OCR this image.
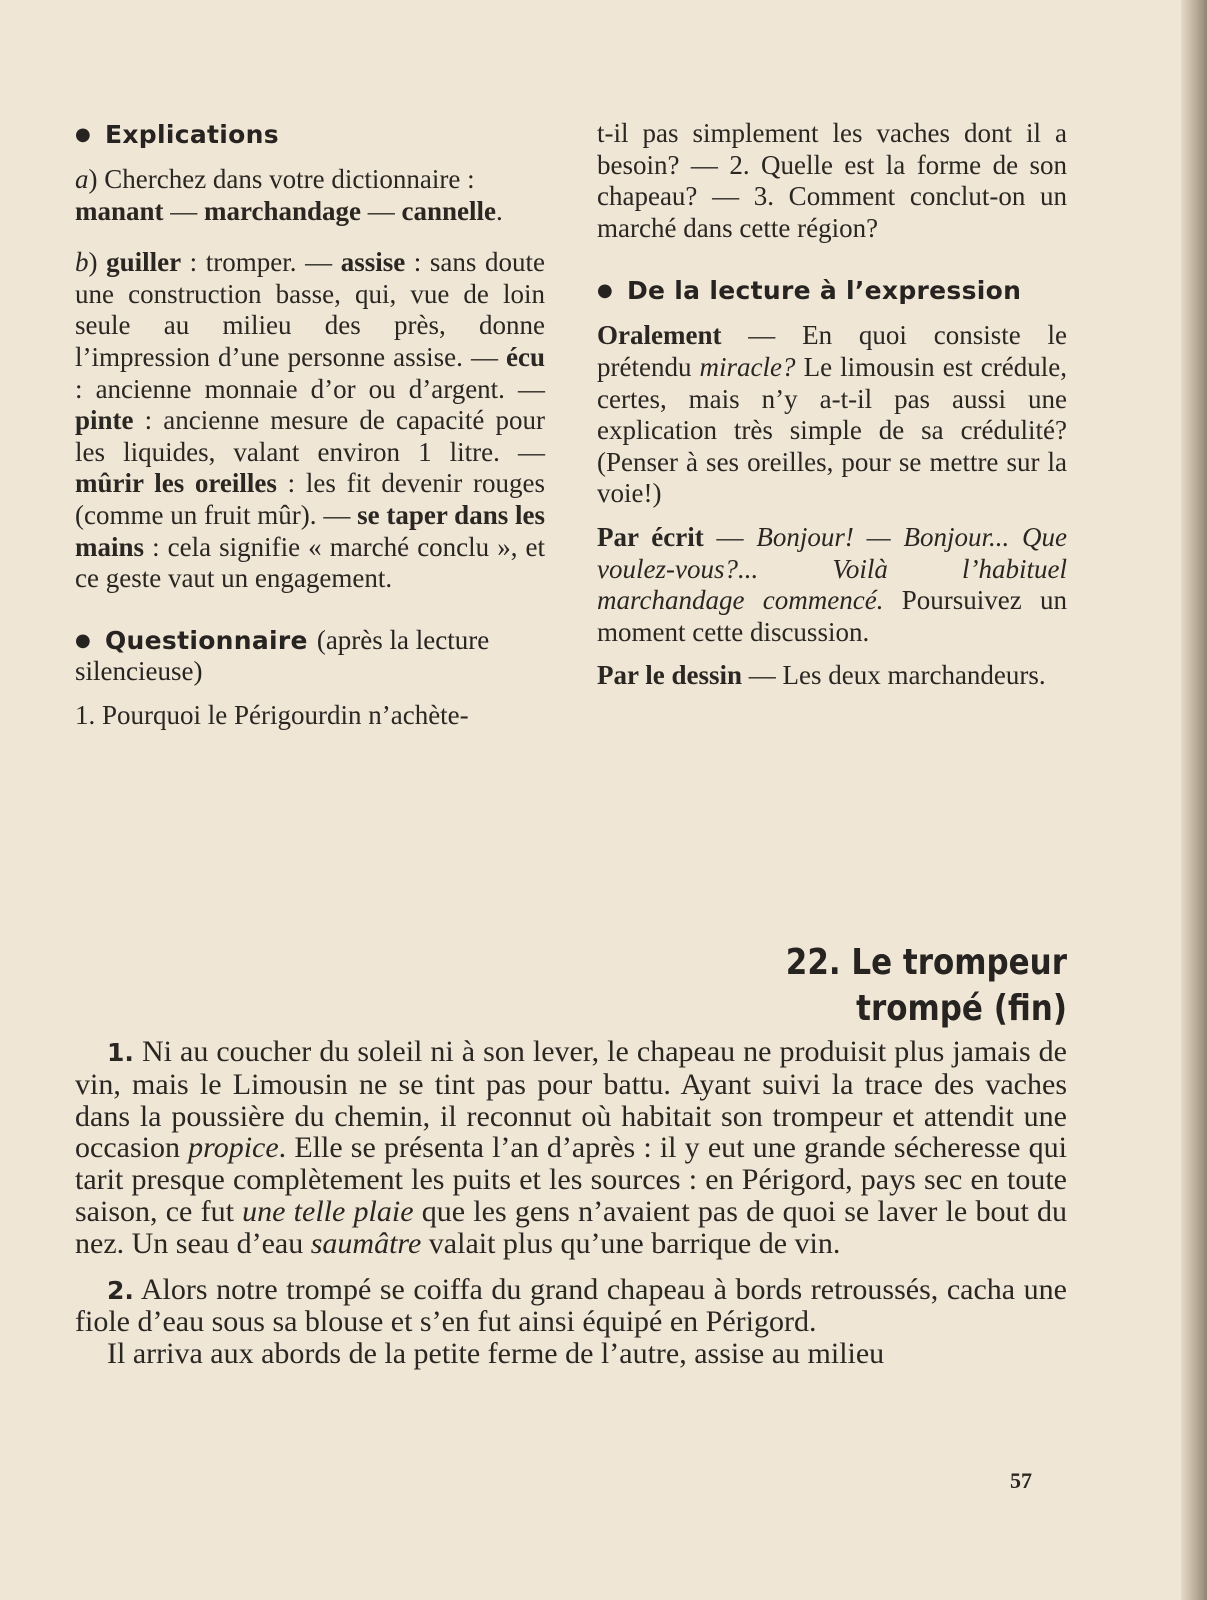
● Explications

a) Cherchez dans votre dictionnaire :
manant — marchandage — cannelle.

b) guiller : tromper. — assise : sans doute une construction basse, qui, vue de loin seule au milieu des près, donne l’impression d’une personne assise. — écu : ancienne monnaie d’or ou d’argent. — pinte : ancienne mesure de capacité pour les liquides, valant environ 1 litre. — mûrir les oreilles : les fit devenir rouges (comme un fruit mûr). — se taper dans les mains : cela signifie « marché conclu », et ce geste vaut un engagement.

● Questionnaire (après la lecture silencieuse)

1. Pourquoi le Périgourdin n’achète-

t-il pas simplement les vaches dont il a besoin? — 2. Quelle est la forme de son chapeau? — 3. Comment conclut-on un marché dans cette région?

● De la lecture à l’expression

Oralement — En quoi consiste le prétendu miracle? Le limousin est crédule, certes, mais n’y a-t-il pas aussi une explication très simple de sa crédulité? (Penser à ses oreilles, pour se mettre sur la voie!)

Par écrit — Bonjour! — Bonjour... Que voulez-vous?... Voilà l’habituel marchandage commencé. Poursuivez un moment cette discussion.

Par le dessin — Les deux marchandeurs.

22. Le trompeur trompé (fin)

1. Ni au coucher du soleil ni à son lever, le chapeau ne produisit plus jamais de vin, mais le Limousin ne se tint pas pour battu. Ayant suivi la trace des vaches dans la poussière du chemin, il reconnut où habitait son trompeur et attendit une occasion propice. Elle se présenta l’an d’après : il y eut une grande sécheresse qui tarit presque complètement les puits et les sources : en Périgord, pays sec en toute saison, ce fut une telle plaie que les gens n’avaient pas de quoi se laver le bout du nez. Un seau d’eau saumâtre valait plus qu’une barrique de vin.

2. Alors notre trompé se coiffa du grand chapeau à bords retroussés, cacha une fiole d’eau sous sa blouse et s’en fut ainsi équipé en Périgord.

Il arriva aux abords de la petite ferme de l’autre, assise au milieu

57
